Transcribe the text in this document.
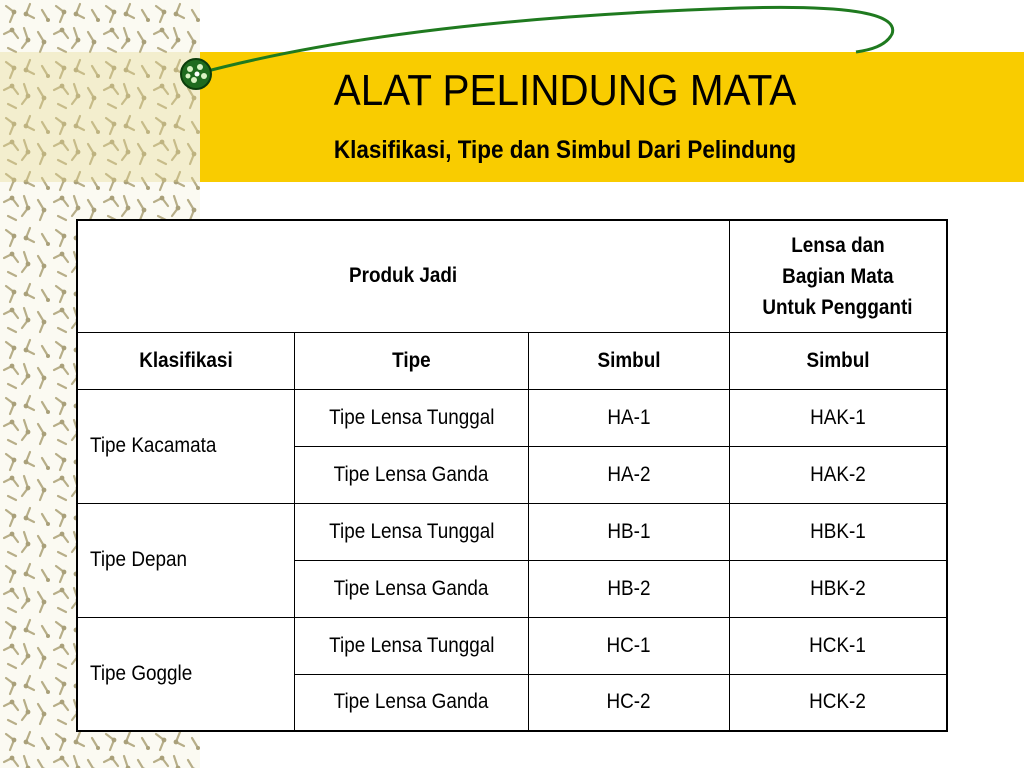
ALAT PELINDUNG MATA
Klasifikasi, Tipe dan Simbul Dari Pelindung
Produk Jadi			Lensa dan
Bagian Mata
Untuk Pengganti
Klasifikasi	Tipe	Simbul	Simbul
Tipe Kacamata	Tipe Lensa Tunggal	HA-1	HAK-1
	Tipe Lensa Ganda	HA-2	HAK-2
Tipe Depan	Tipe Lensa Tunggal	HB-1	HBK-1
	Tipe Lensa Ganda	HB-2	HBK-2
Tipe Goggle	Tipe Lensa Tunggal	HC-1	HCK-1
	Tipe Lensa Ganda	HC-2	HCK-2
